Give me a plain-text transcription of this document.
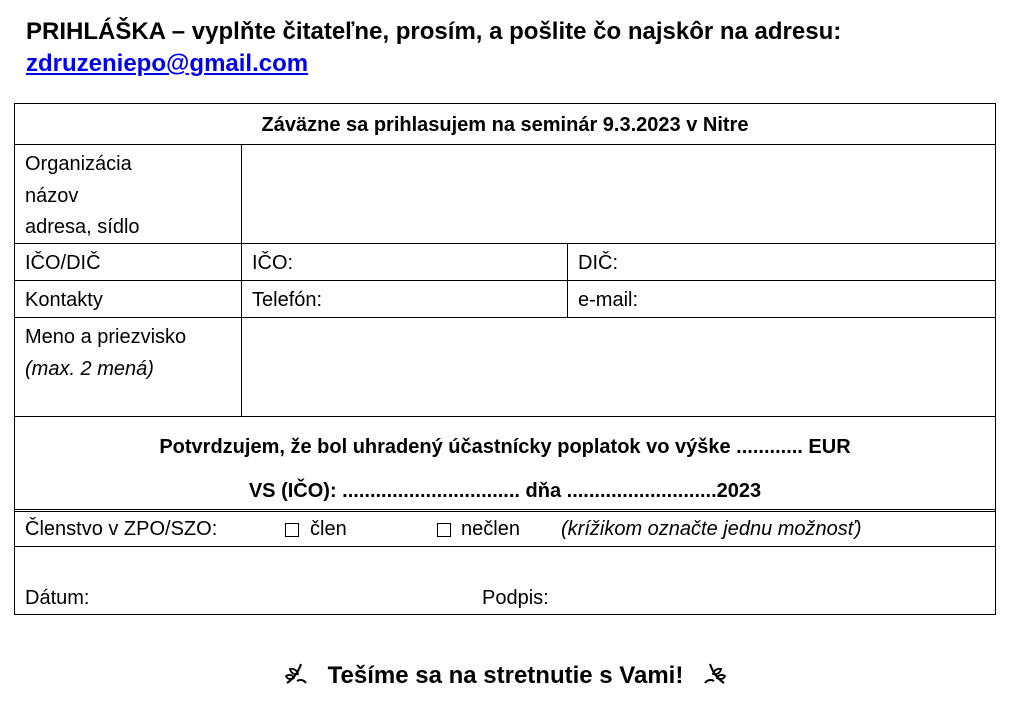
PRIHLÁŠKA – vyplňte čitateľne, prosím, a pošlite čo najskôr na adresu:
zdruzeniepo@gmail.com
Záväzne sa prihlasujem na seminár 9.3.2023 v Nitre
Organizácia
názov
adresa, sídlo
IČO/DIČ	IČO:	DIČ:
Kontakty	Telefón:	e-mail:
Meno a priezvisko
(max. 2 mená)
Potvrdzujem, že bol uhradený účastnícky poplatok vo výške ............ EUR
VS (IČO): ................................ dňa ...........................2023
Členstvo v ZPO/SZO:	člen	nečlen (krížikom označte jednu možnosť)
Dátum:	Podpis:
Tešíme sa na stretnutie s Vami!
